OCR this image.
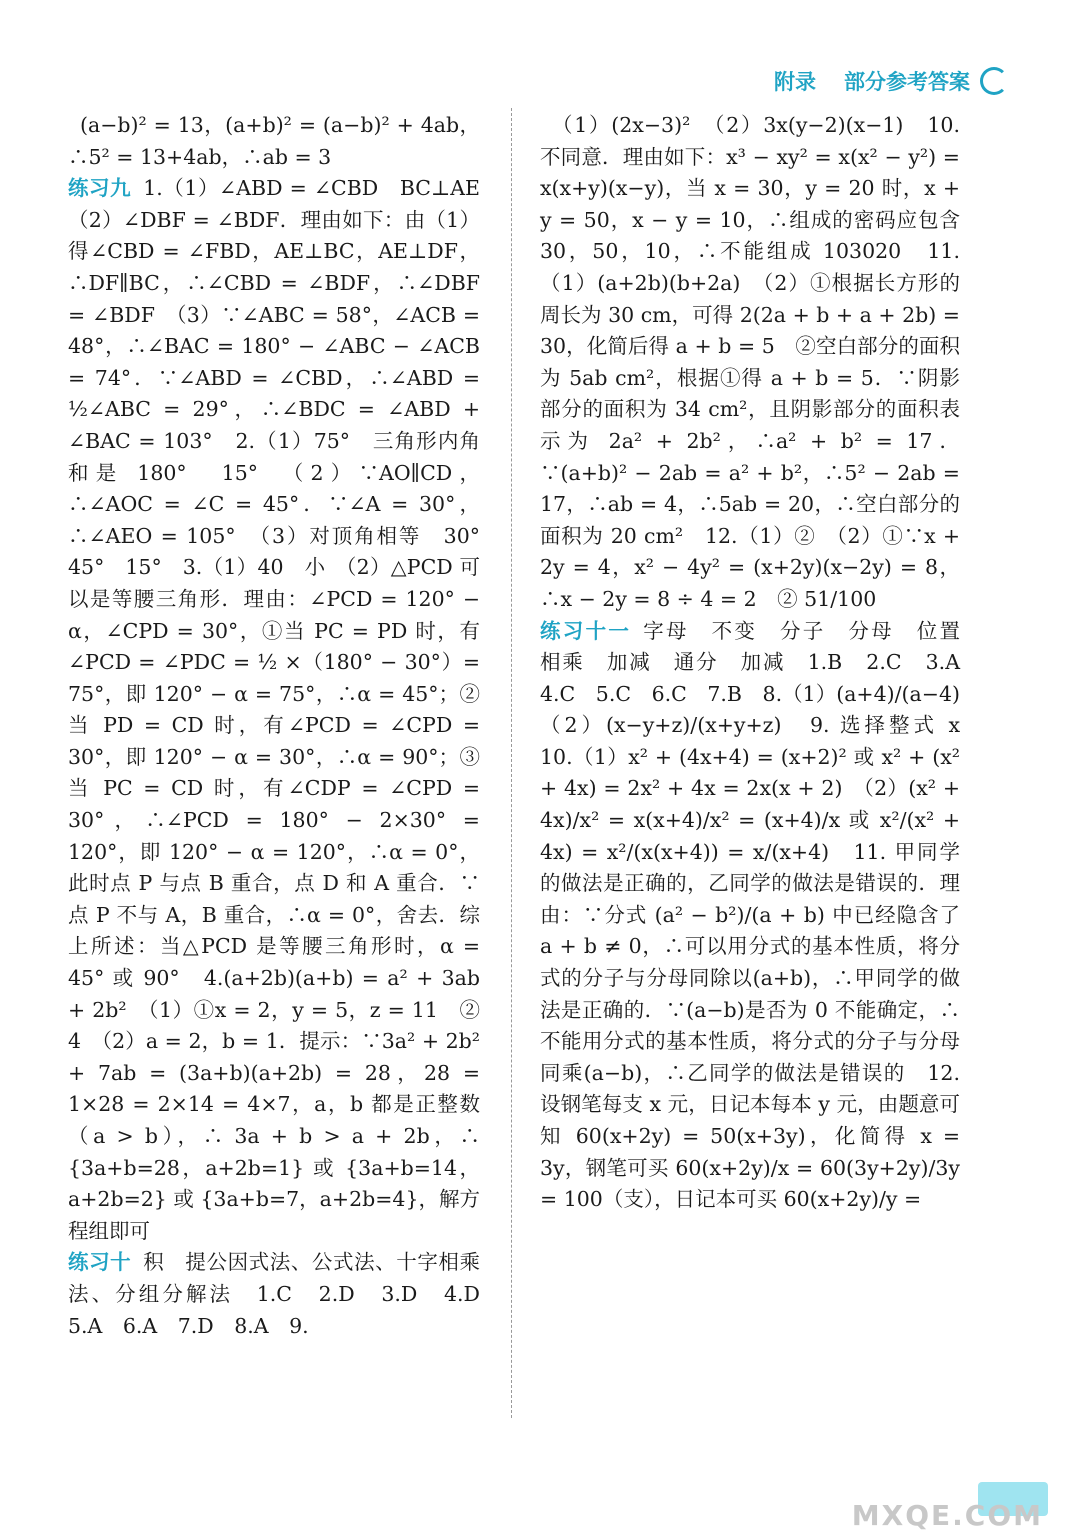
附录 部分参考答案

(a−b)² = 13，(a+b)² = (a−b)² + 4ab，∴5² = 13+4ab，∴ab = 3

练习九 1.（1）∠ABD = ∠CBD　BC⊥AE　（2）∠DBF = ∠BDF．理由如下：由（1）得∠CBD = ∠FBD，AE⊥BC，AE⊥DF，∴DF∥BC，∴∠CBD = ∠BDF，∴∠DBF = ∠BDF　（3）∵∠ABC = 58°，∠ACB = 48°，∴∠BAC = 180° − ∠ABC − ∠ACB = 74°．∵∠ABD = ∠CBD，∴∠ABD = ½∠ABC = 29°，∴∠BDC = ∠ABD + ∠BAC = 103°　2.（1）75°　三角形内角和是 180°　15°　（2）∵AO∥CD，∴∠AOC = ∠C = 45°．∵∠A = 30°，∴∠AEO = 105°　（3）对顶角相等　30°　45°　15°　3.（1）40　小　（2）△PCD 可以是等腰三角形．理由：∠PCD = 120° − α，∠CPD = 30°，①当 PC = PD 时，有∠PCD = ∠PDC = ½ ×（180° − 30°）= 75°，即 120° − α = 75°，∴α = 45°；②当 PD = CD 时，有∠PCD = ∠CPD = 30°，即 120° − α = 30°，∴α = 90°；③当 PC = CD 时，有∠CDP = ∠CPD = 30°，∴∠PCD = 180° − 2×30° = 120°，即 120° − α = 120°，∴α = 0°，此时点 P 与点 B 重合，点 D 和 A 重合．∵点 P 不与 A，B 重合，∴α = 0°，舍去．综上所述：当△PCD 是等腰三角形时，α = 45° 或 90°　4.(a+2b)(a+b) = a² + 3ab + 2b²　（1）①x = 2，y = 5，z = 11　② 4　（2）a = 2，b = 1．提示：∵3a² + 2b² + 7ab = (3a+b)(a+2b) = 28，28 = 1×28 = 2×14 = 4×7，a，b 都是正整数（a > b），∴ 3a + b > a + 2b，∴ {3a+b=28，a+2b=1} 或 {3a+b=14，a+2b=2} 或 {3a+b=7，a+2b=4}，解方程组即可

练习十 积　提公因式法、公式法、十字相乘法、分组分解法　1.C　2.D　3.D　4.D　5.A　6.A　7.D　8.A　9.

（1）(2x−3)²　（2）3x(y−2)(x−1)　10. 不同意．理由如下：x³ − xy² = x(x² − y²) = x(x+y)(x−y)，当 x = 30，y = 20 时，x + y = 50，x − y = 10，∴组成的密码应包含 30，50，10，∴不能组成 103020　11.（1）(a+2b)(b+2a)　（2）①根据长方形的周长为 30 cm，可得 2(2a + b + a + 2b) = 30，化简后得 a + b = 5　②空白部分的面积为 5ab cm²，根据①得 a + b = 5．∵阴影部分的面积为 34 cm²，且阴影部分的面积表示为 2a² + 2b²，∴a² + b² = 17．∵(a+b)² − 2ab = a² + b²，∴5² − 2ab = 17，∴ab = 4，∴5ab = 20，∴空白部分的面积为 20 cm²　12.（1）②　（2）①∵x + 2y = 4，x² − 4y² = (x+2y)(x−2y) = 8，∴x − 2y = 8 ÷ 4 = 2　② 51/100

练习十一 字母　不变　分子　分母　位置　相乘　加减　通分　加减　1.B　2.C　3.A　4.C　5.C　6.C　7.B　8.（1）(a+4)/(a−4)　（2）(x−y+z)/(x+y+z)　9. 选择整式 x　10.（1）x² + (4x+4) = (x+2)² 或 x² + (x² + 4x) = 2x² + 4x = 2x(x + 2)　（2）(x² + 4x)/x² = x(x+4)/x² = (x+4)/x 或 x²/(x² + 4x) = x²/(x(x+4)) = x/(x+4)　11. 甲同学的做法是正确的，乙同学的做法是错误的．理由：∵分式 (a² − b²)/(a + b) 中已经隐含了 a + b ≠ 0，∴可以用分式的基本性质，将分式的分子与分母同除以(a+b)，∴甲同学的做法是正确的．∵(a−b)是否为 0 不能确定，∴不能用分式的基本性质，将分式的分子与分母同乘(a−b)，∴乙同学的做法是错误的　12. 设钢笔每支 x 元，日记本每本 y 元，由题意可知 60(x+2y) = 50(x+3y)，化简得 x = 3y，钢笔可买 60(x+2y)/x = 60(3y+2y)/3y = 100（支），日记本可买 60(x+2y)/y =

MXQE.COM
